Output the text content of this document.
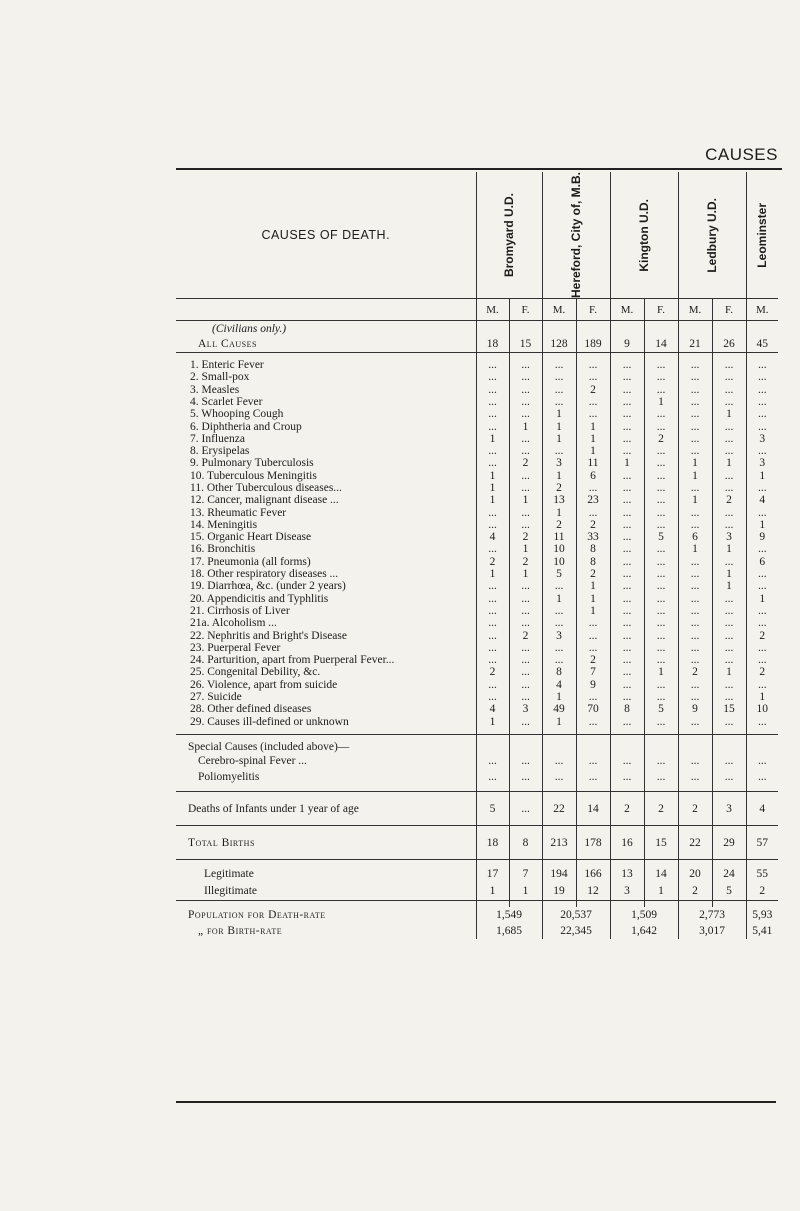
CAUSES
CAUSES OF DEATH.	Bromyard U.D.		Hereford, City of, M.B.		Kington U.D.		Ledbury U.D.		Leominster

	M.	F.	M.	F.	M.	F.	M.	F.	M.
(Civilians only.)									
All Causes	18	15	128	189	9	14	21	26	45

1. Enteric Fever	...	...	...	...	...	...	...	...	...
2. Small-pox	...	...	...	...	...	...	...	...	...
3. Measles	...	...	...	2	...	...	...	...	...
4. Scarlet Fever	...	...	...	...	...	1	...	...	...
5. Whooping Cough	...	...	1	...	...	...	...	1	...
6. Diphtheria and Croup	...	1	1	1	...	...	...	...	...
7. Influenza	1	...	1	1	...	2	...	...	3
8. Erysipelas	...	...	...	1	...	...	...	...	...
9. Pulmonary Tuberculosis	...	2	3	11	1	...	1	1	3
10. Tuberculous Meningitis	1	...	1	6	...	...	1	...	1
11. Other Tuberculous diseases...	1	...	2	...	...	...	...	...	...
12. Cancer, malignant disease ...	1	1	13	23	...	...	1	2	4
13. Rheumatic Fever	...	...	1	...	...	...	...	...	...
14. Meningitis	...	...	2	2	...	...	...	...	1
15. Organic Heart Disease	4	2	11	33	...	5	6	3	9
16. Bronchitis	...	1	10	8	...	...	1	1	...
17. Pneumonia (all forms)	2	2	10	8	...	...	...	...	6
18. Other respiratory diseases ...	1	1	5	2	...	...	...	1	...
19. Diarrhœa, &c. (under 2 years)	...	...	...	1	...	...	...	1	...
20. Appendicitis and Typhlitis	...	...	1	1	...	...	...	...	1
21. Cirrhosis of Liver	...	...	...	1	...	...	...	...	...
21a. Alcoholism ...	...	...	...	...	...	...	...	...	...
22. Nephritis and Bright's Disease	...	2	3	...	...	...	...	...	2
23. Puerperal Fever	...	...	...	...	...	...	...	...	...
24. Parturition, apart from Puerperal Fever...	...	...	...	2	...	...	...	...	...
25. Congenital Debility, &c.	2	...	8	7	...	1	2	1	2
26. Violence, apart from suicide	...	...	4	9	...	...	...	...	...
27. Suicide	...	...	1	...	...	...	...	...	1
28. Other defined diseases	4	3	49	70	8	5	9	15	10
29. Causes ill-defined or unknown	1	...	1	...	...	...	...	...	...

Special Causes (included above)—									
Cerebro-spinal Fever ...	...	...	...	...	...	...	...	...	...
Poliomyelitis	...	...	...	...	...	...	...	...	...

Deaths of Infants under 1 year of age	5	...	22	14	2	2	2	3	4
Total Births	18	8	213	178	16	15	22	29	57

Legitimate	17	7	194	166	13	14	20	24	55
Illegitimate	1	1	19	12	3	1	2	5	2

Population for Death-rate	1,549		20,537		1,509		2,773		5,93
„ for Birth-rate	1,685		22,345		1,642		3,017		5,41
